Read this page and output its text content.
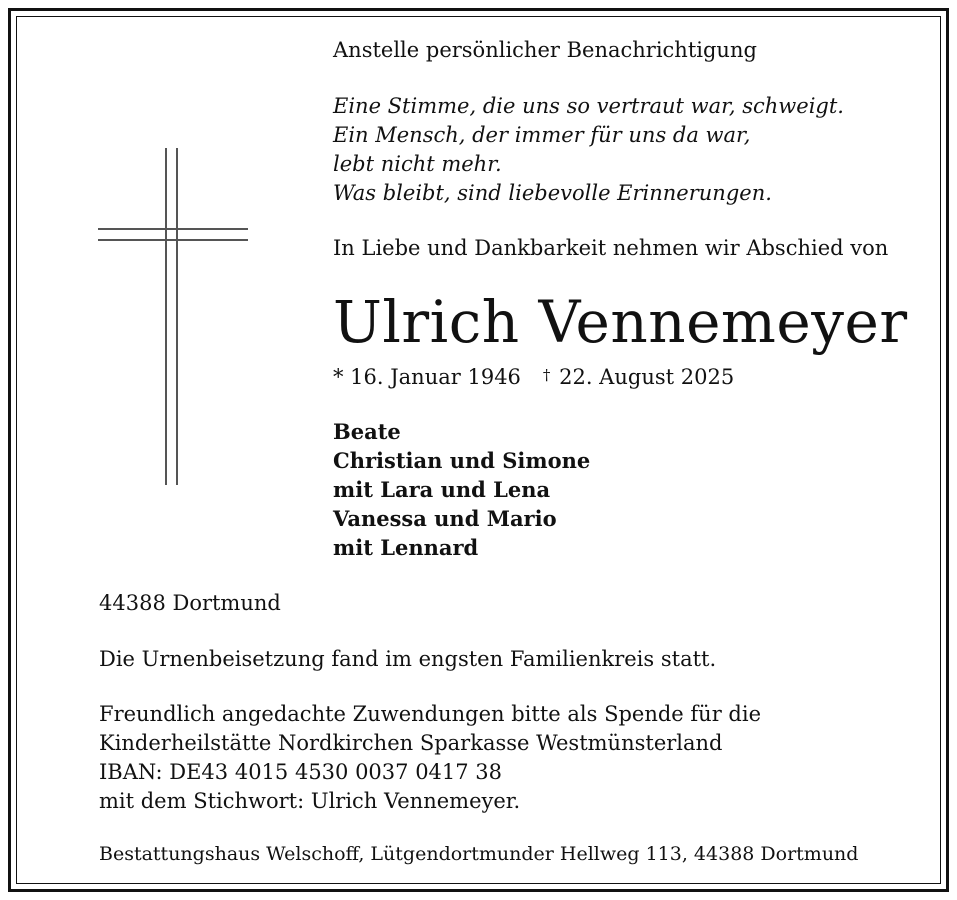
Anstelle persönlicher Benachrichtigung
Eine Stimme, die uns so vertraut war, schweigt.
Ein Mensch, der immer für uns da war,
lebt nicht mehr.
Was bleibt, sind liebevolle Erinnerungen.
In Liebe und Dankbarkeit nehmen wir Abschied von
Ulrich Vennemeyer
* 16. Januar 1946 † 22. August 2025
Beate
Christian und Simone
mit Lara und Lena
Vanessa und Mario
mit Lennard
44388 Dortmund
Die Urnenbeisetzung fand im engsten Familienkreis statt.
Freundlich angedachte Zuwendungen bitte als Spende für die
Kinderheilstätte Nordkirchen Sparkasse Westmünsterland
IBAN: DE43 4015 4530 0037 0417 38
mit dem Stichwort: Ulrich Vennemeyer.
Bestattungshaus Welschoff, Lütgendortmunder Hellweg 113, 44388 Dortmund
